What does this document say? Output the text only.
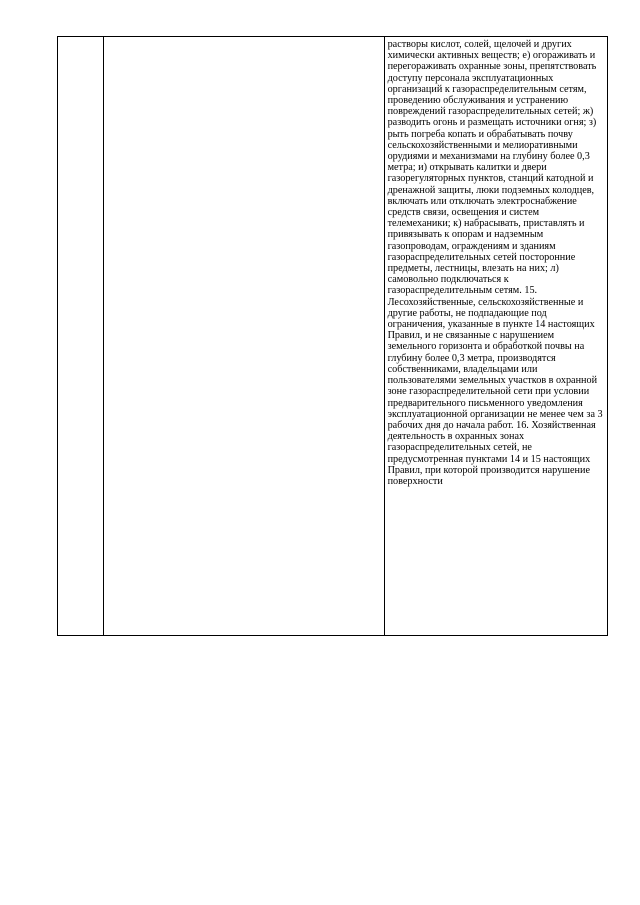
растворы кислот, солей, щелочей и других химически активных веществ; е) огораживать и перегораживать охранные зоны, препятствовать доступу персонала эксплуатационных организаций к газораспределительным сетям, проведению обслуживания и устранению повреждений газораспределительных сетей; ж) разводить огонь и размещать источники огня; з) рыть погреба копать и обрабатывать почву сельскохозяйственными и мелиоративными орудиями и механизмами на глубину более 0,3 метра; и) открывать калитки и двери газорегуляторных пунктов, станций катодной и дренажной защиты, люки подземных колодцев, включать или отключать электроснабжение средств связи, освещения и систем телемеханики; к) набрасывать, приставлять и привязывать к опорам и надземным газопроводам, ограждениям и зданиям газораспределительных сетей посторонние предметы, лестницы, влезать на них; л) самовольно подключаться к газораспределительным сетям. 15. Лесохозяйственные, сельскохозяйственные и другие работы, не подпадающие под ограничения, указанные в пункте 14 настоящих Правил, и не связанные с нарушением земельного горизонта и обработкой почвы на глубину более 0,3 метра, производятся собственниками, владельцами или пользователями земельных участков в охранной зоне газораспределительной сети при условии предварительного письменного уведомления эксплуатационной организации не менее чем за 3 рабочих дня до начала работ. 16. Хозяйственная деятельность в охранных зонах газораспределительных сетей, не предусмотренная пунктами 14 и 15 настоящих Правил, при которой производится нарушение поверхности
